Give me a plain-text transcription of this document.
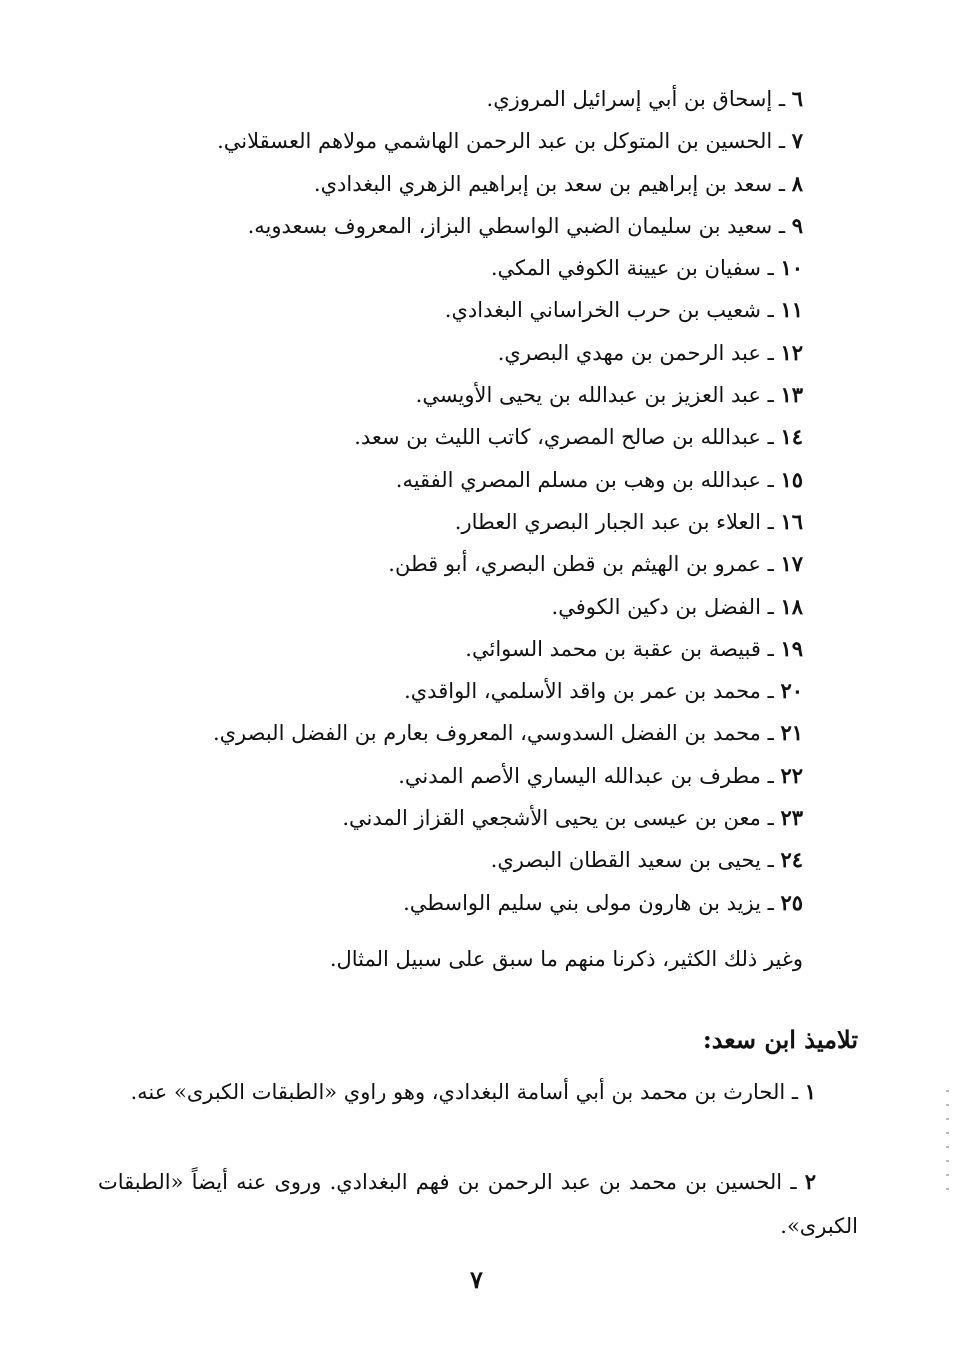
٦ ـ إسحاق بن أبي إسرائيل المروزي.
٧ ـ الحسين بن المتوكل بن عبد الرحمن الهاشمي مولاهم العسقلاني.
٨ ـ سعد بن إبراهيم بن سعد بن إبراهيم الزهري البغدادي.
٩ ـ سعيد بن سليمان الضبي الواسطي البزاز، المعروف بسعدويه.
١٠ ـ سفيان بن عيينة الكوفي المكي.
١١ ـ شعيب بن حرب الخراساني البغدادي.
١٢ ـ عبد الرحمن بن مهدي البصري.
١٣ ـ عبد العزيز بن عبدالله بن يحيى الأويسي.
١٤ ـ عبدالله بن صالح المصري، كاتب الليث بن سعد.
١٥ ـ عبدالله بن وهب بن مسلم المصري الفقيه.
١٦ ـ العلاء بن عبد الجبار البصري العطار.
١٧ ـ عمرو بن الهيثم بن قطن البصري، أبو قطن.
١٨ ـ الفضل بن دكين الكوفي.
١٩ ـ قبيصة بن عقبة بن محمد السوائي.
٢٠ ـ محمد بن عمر بن واقد الأسلمي، الواقدي.
٢١ ـ محمد بن الفضل السدوسي، المعروف بعارم بن الفضل البصري.
٢٢ ـ مطرف بن عبدالله اليساري الأصم المدني.
٢٣ ـ معن بن عيسى بن يحيى الأشجعي القزاز المدني.
٢٤ ـ يحيى بن سعيد القطان البصري.
٢٥ ـ يزيد بن هارون مولى بني سليم الواسطي.

وغير ذلك الكثير، ذكرنا منهم ما سبق على سبيل المثال.

تلاميذ ابن سعد:

١ ـ الحارث بن محمد بن أبي أسامة البغدادي، وهو راوي «الطبقات الكبرى» عنه.

٢ ـ الحسين بن محمد بن عبد الرحمن بن فهم البغدادي. وروى عنه أيضاً «الطبقات الكبرى».

٧
